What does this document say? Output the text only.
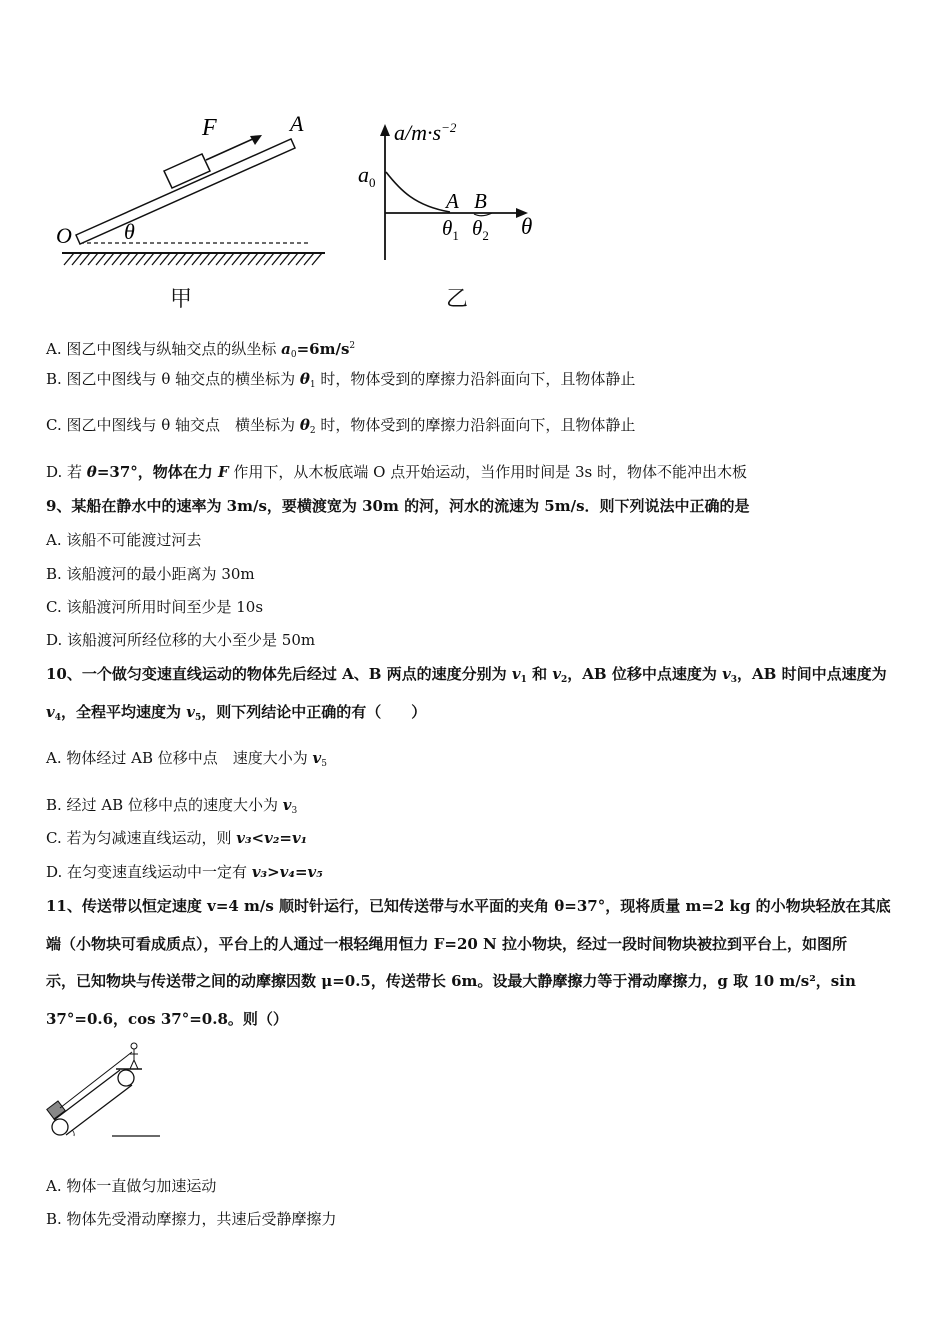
F	A
O θ
甲
$a/m\cdot s^{-2}$
$a_0$
A B
$\theta_1$ $\theta_2$ θ
乙
A. 图乙中图线与纵轴交点的纵坐标 $a_0=6m/s^2$
B. 图乙中图线与 θ 轴交点的横坐标为 $\theta_1$ 时，物体受到的摩擦力沿斜面向下，且物体静止
C. 图乙中图线与 θ 轴交点　横坐标为 $\theta_2$ 时，物体受到的摩擦力沿斜面向下，且物体静止
D. 若 θ=37°，物体在力 F 作用下，从木板底端 O 点开始运动，当作用时间是 3s 时，物体不能冲出木板
9、某船在静水中的速率为 3m/s，要横渡宽为 30m 的河，河水的流速为 5m/s．则下列说法中正确的是
A. 该船不可能渡过河去
B. 该船渡河的最小距离为 30m
C. 该船渡河所用时间至少是 10s
D. 该船渡河所经位移的大小至少是 50m
10、一个做匀变速直线运动的物体先后经过 A、B 两点的速度分别为 $v_1$ 和 $v_2$，AB 位移中点速度为 $v_3$，AB 时间中点速度为
$v_4$，全程平均速度为 $v_5$，则下列结论中正确的有（　　）
A. 物体经过 AB 位移中点　速度大小为 $v_5$
B. 经过 AB 位移中点的速度大小为 $v_3$
C. 若为匀减速直线运动，则 v₃<v₂=v₁
D. 在匀变速直线运动中一定有 v₃>v₄=v₅
11、传送带以恒定速度 v=4 m/s 顺时针运行，已知传送带与水平面的夹角 θ=37°，现将质量 m=2 kg 的小物块轻放在其底
端（小物块可看成质点），平台上的人通过一根轻绳用恒力 F=20 N 拉小物块，经过一段时间物块被拉到平台上，如图所
示，已知物块与传送带之间的动摩擦因数 μ=0.5，传送带长 6m。设最大静摩擦力等于滑动摩擦力，g 取 10 m/s²，sin
37°=0.6，cos 37°=0.8。则（）
A. 物体一直做匀加速运动
B. 物体先受滑动摩擦力，共速后受静摩擦力
